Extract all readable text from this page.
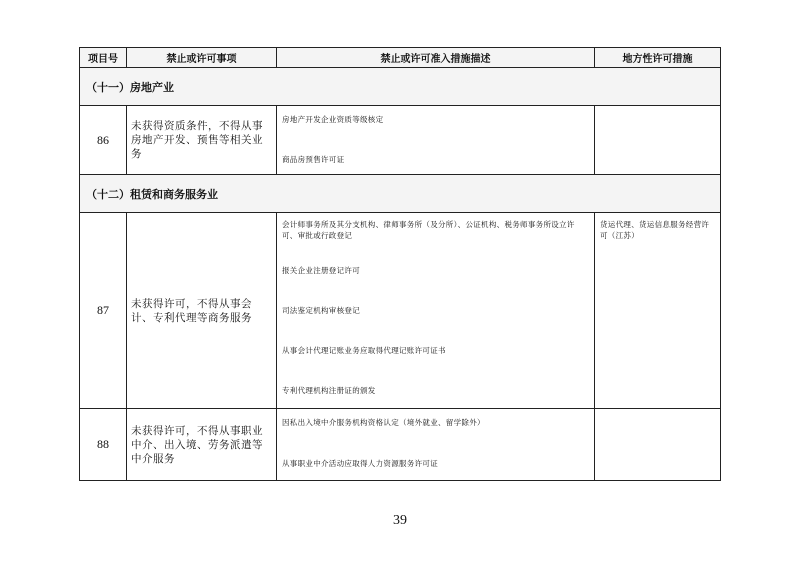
项目号	禁止或许可事项	禁止或许可准入措施描述	地方性许可措施
（十一）房地产业			
86	未获得资质条件，不得从事房地产开发、预售等相关业务	房地产开发企业资质等级核定
商品房预售许可证	

（十二）租赁和商务服务业			
87	未获得许可，不得从事会计、专利代理等商务服务	会计师事务所及其分支机构、律师事务所（及分所）、公证机构、税务师事务所设立许可、审批或行政登记
报关企业注册登记许可
司法鉴定机构审核登记
从事会计代理记账业务应取得代理记账许可证书
专利代理机构注册证的颁发	货运代理、货运信息服务经营许可（江苏）
88	未获得许可，不得从事职业中介、出入境、劳务派遣等中介服务	因私出入境中介服务机构资格认定（境外就业、留学除外）
从事职业中介活动应取得人力资源服务许可证	

39
